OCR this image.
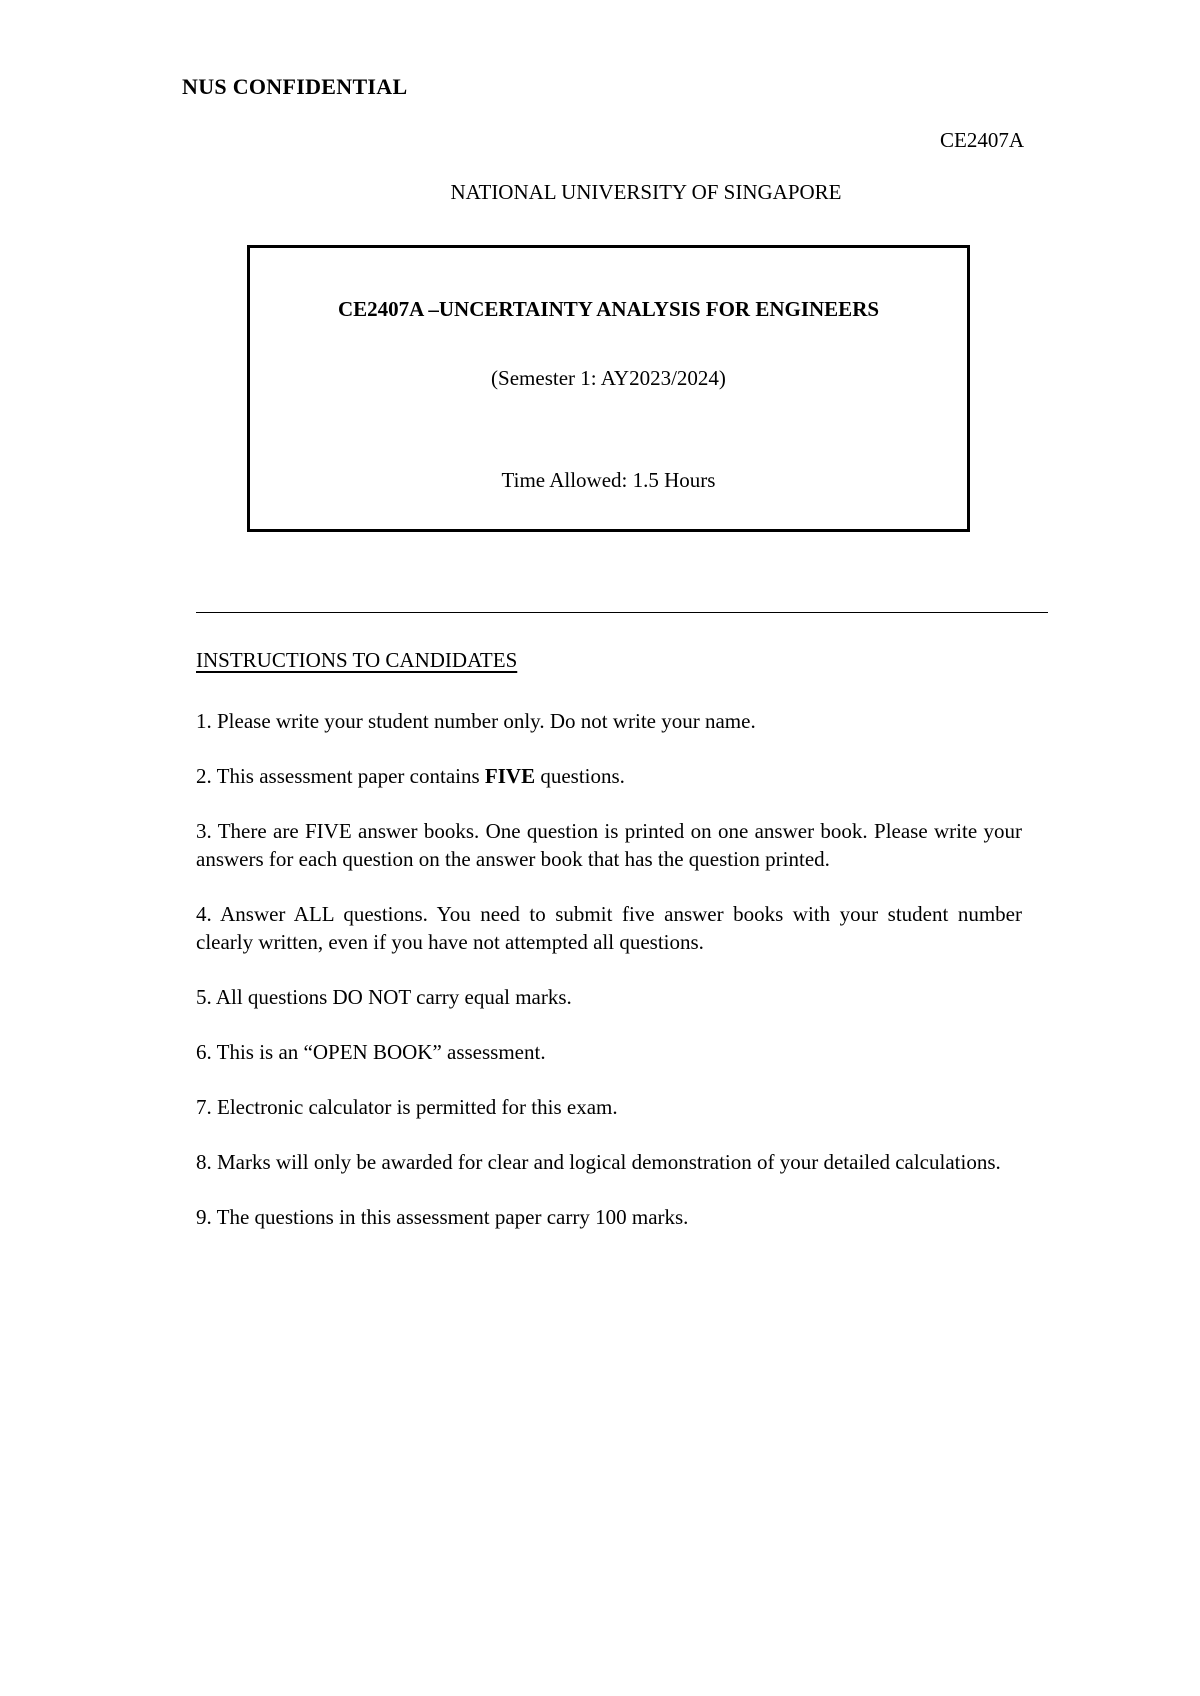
NUS CONFIDENTIAL

CE2407A

NATIONAL UNIVERSITY OF SINGAPORE

CE2407A –UNCERTAINTY ANALYSIS FOR ENGINEERS

(Semester 1: AY2023/2024)

Time Allowed: 1.5 Hours

INSTRUCTIONS TO CANDIDATES

1. Please write your student number only. Do not write your name.
2. This assessment paper contains FIVE questions.
3. There are FIVE answer books. One question is printed on one answer book. Please write your answers for each question on the answer book that has the question printed.
4. Answer ALL questions. You need to submit five answer books with your student number clearly written, even if you have not attempted all questions.
5. All questions DO NOT carry equal marks.
6. This is an “OPEN BOOK” assessment.
7. Electronic calculator is permitted for this exam.
8. Marks will only be awarded for clear and logical demonstration of your detailed calculations.
9. The questions in this assessment paper carry 100 marks.
